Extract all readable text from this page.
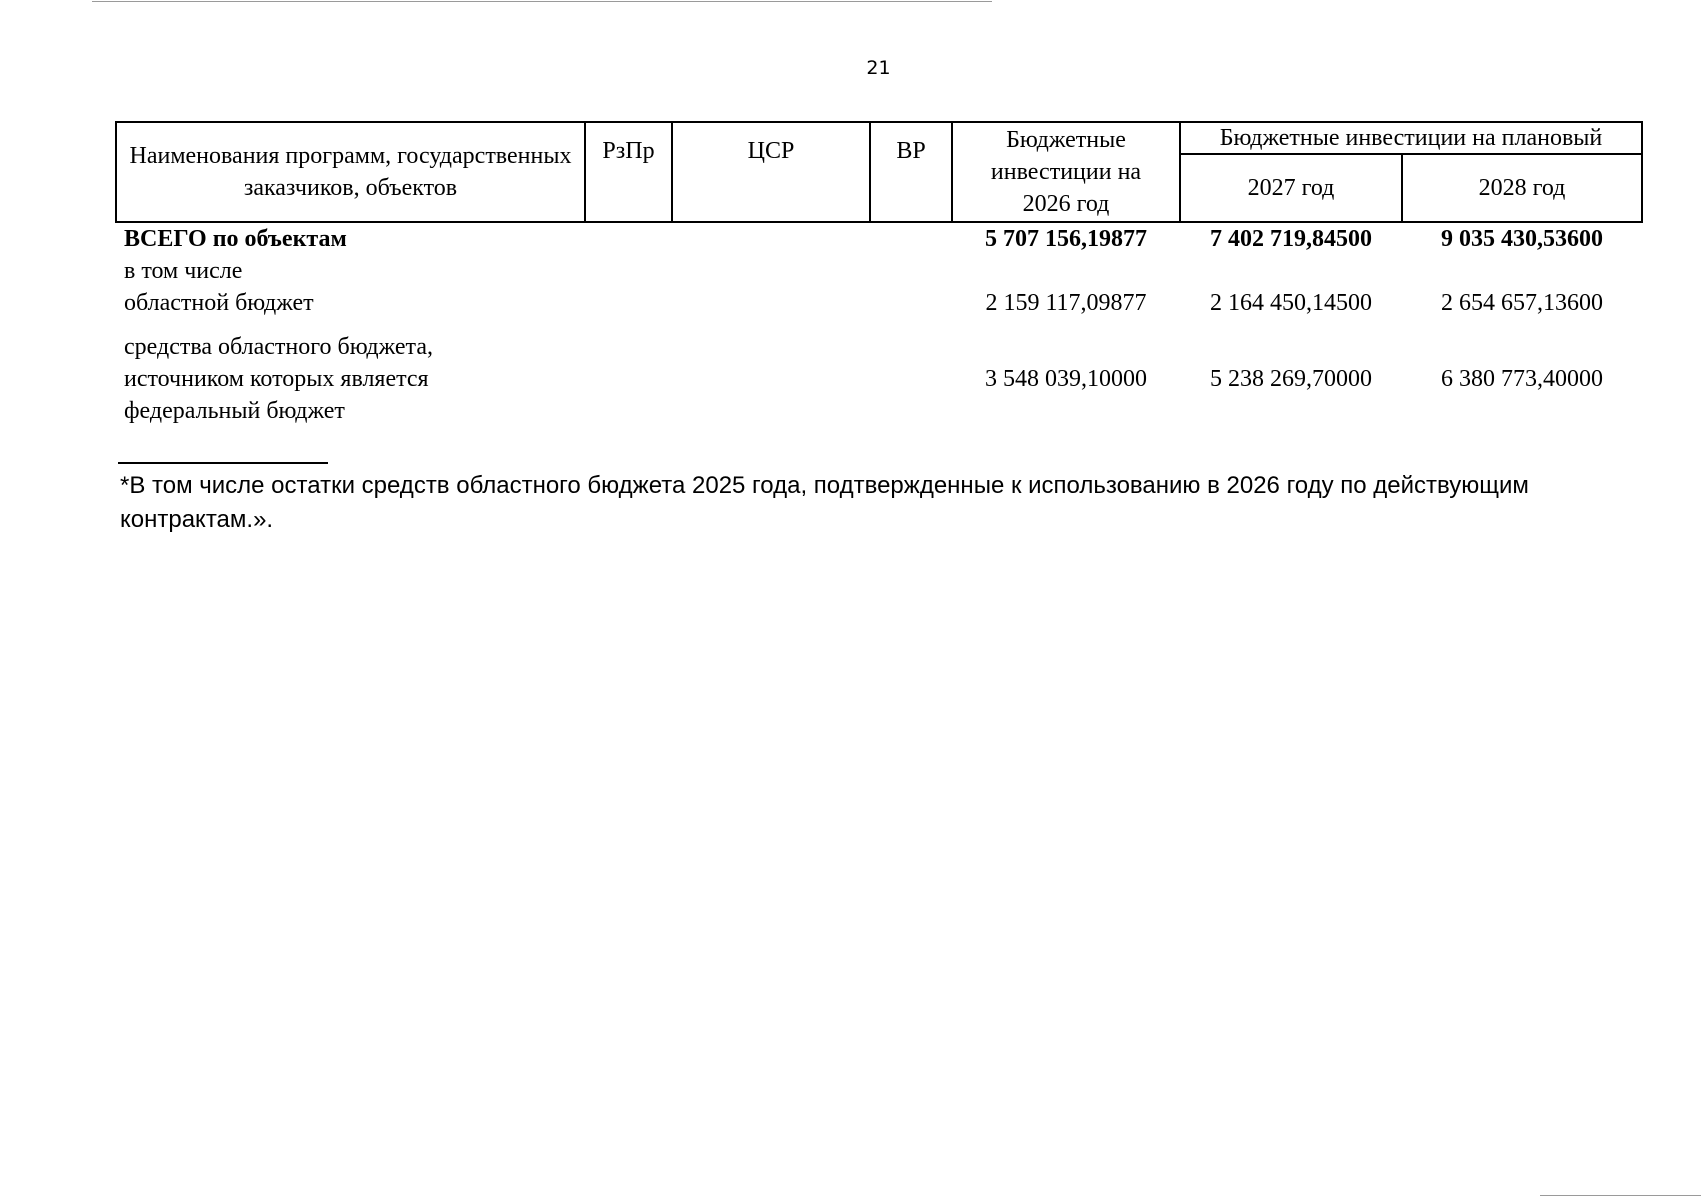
21
Наименования программ, государственных заказчиков, объектов	РзПр	ЦСР	ВР	Бюджетные инвестиции на 2026 год	Бюджетные инвестиции на плановый	
					2027 год	2028 год
ВСЕГО по объектам				5 707 156,19877	7 402 719,84500	9 035 430,53600
в том числе						
областной бюджет				2 159 117,09877	2 164 450,14500	2 654 657,13600

средства областного бюджета, источником которых является федеральный бюджет				3 548 039,10000	5 238 269,70000	6 380 773,40000
*В том числе остатки средств областного бюджета 2025 года, подтвержденные к использованию в 2026 году по действующим контрактам.».
